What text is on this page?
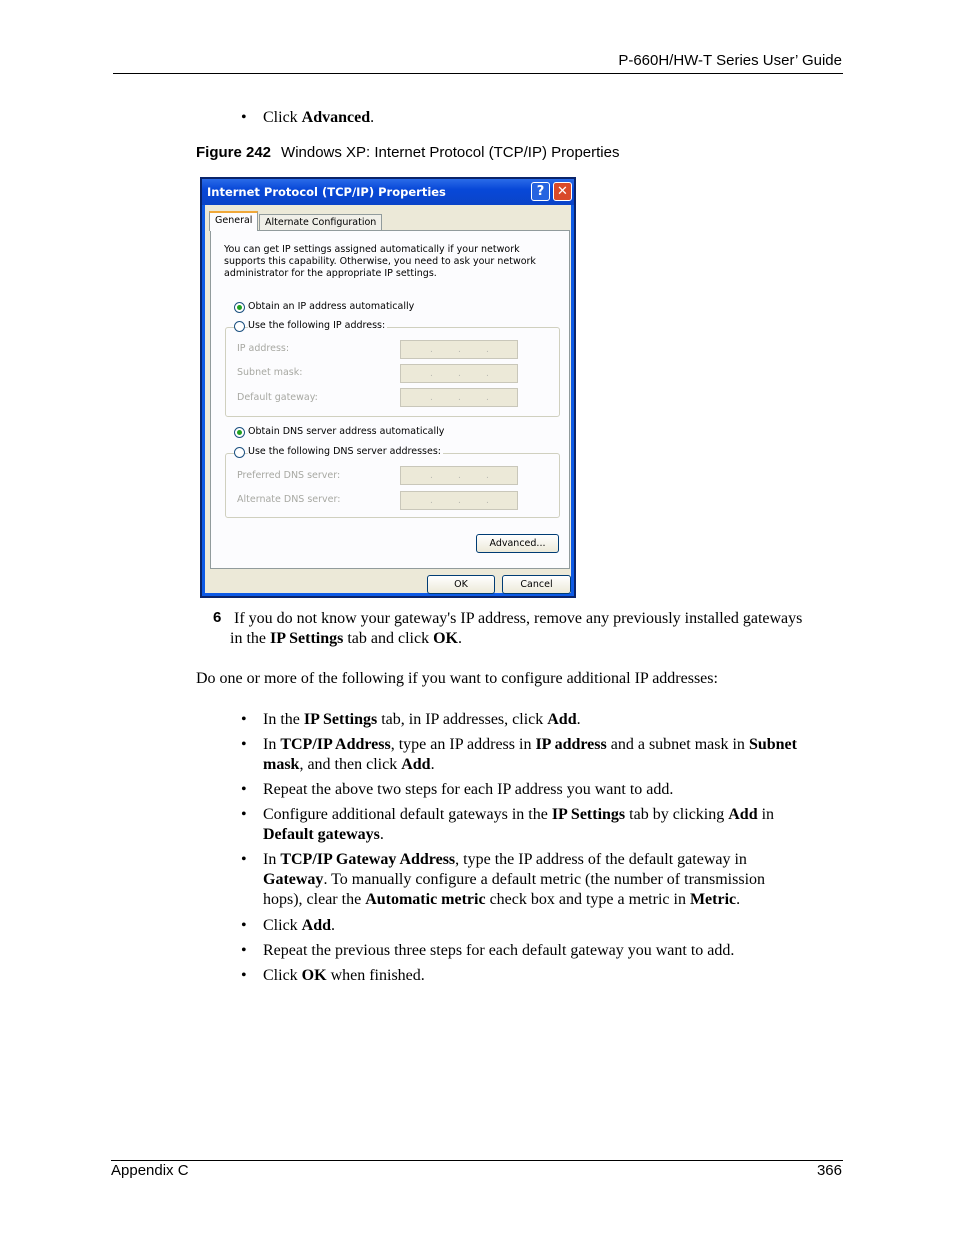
P-660H/HW-T Series User’ Guide
• Click Advanced.
Figure 242 Windows XP: Internet Protocol (TCP/IP) Properties
Internet Protocol (TCP/IP) Properties	? ✕
General	Alternate Configuration
You can get IP settings assigned automatically if your network supports this capability. Otherwise, you need to ask your network administrator for the appropriate IP settings.
Obtain an IP address automatically
Use the following IP address:
IP address:	.	.	.
Subnet mask:	.	.	.
Default gateway:	.	.	.
Obtain DNS server address automatically
Use the following DNS server addresses:
Preferred DNS server:	.	.	.
Alternate DNS server:	.	.	.
Advanced...
OK	Cancel
6 If you do not know your gateway's IP address, remove any previously installed gateways
in the IP Settings tab and click OK.
Do one or more of the following if you want to configure additional IP addresses:
• In the IP Settings tab, in IP addresses, click Add.
• In TCP/IP Address, type an IP address in IP address and a subnet mask in Subnet
mask, and then click Add.
• Repeat the above two steps for each IP address you want to add.
• Configure additional default gateways in the IP Settings tab by clicking Add in
Default gateways.
• In TCP/IP Gateway Address, type the IP address of the default gateway in
Gateway. To manually configure a default metric (the number of transmission
hops), clear the Automatic metric check box and type a metric in Metric.
• Click Add.
• Repeat the previous three steps for each default gateway you want to add.
• Click OK when finished.
Appendix C	366
